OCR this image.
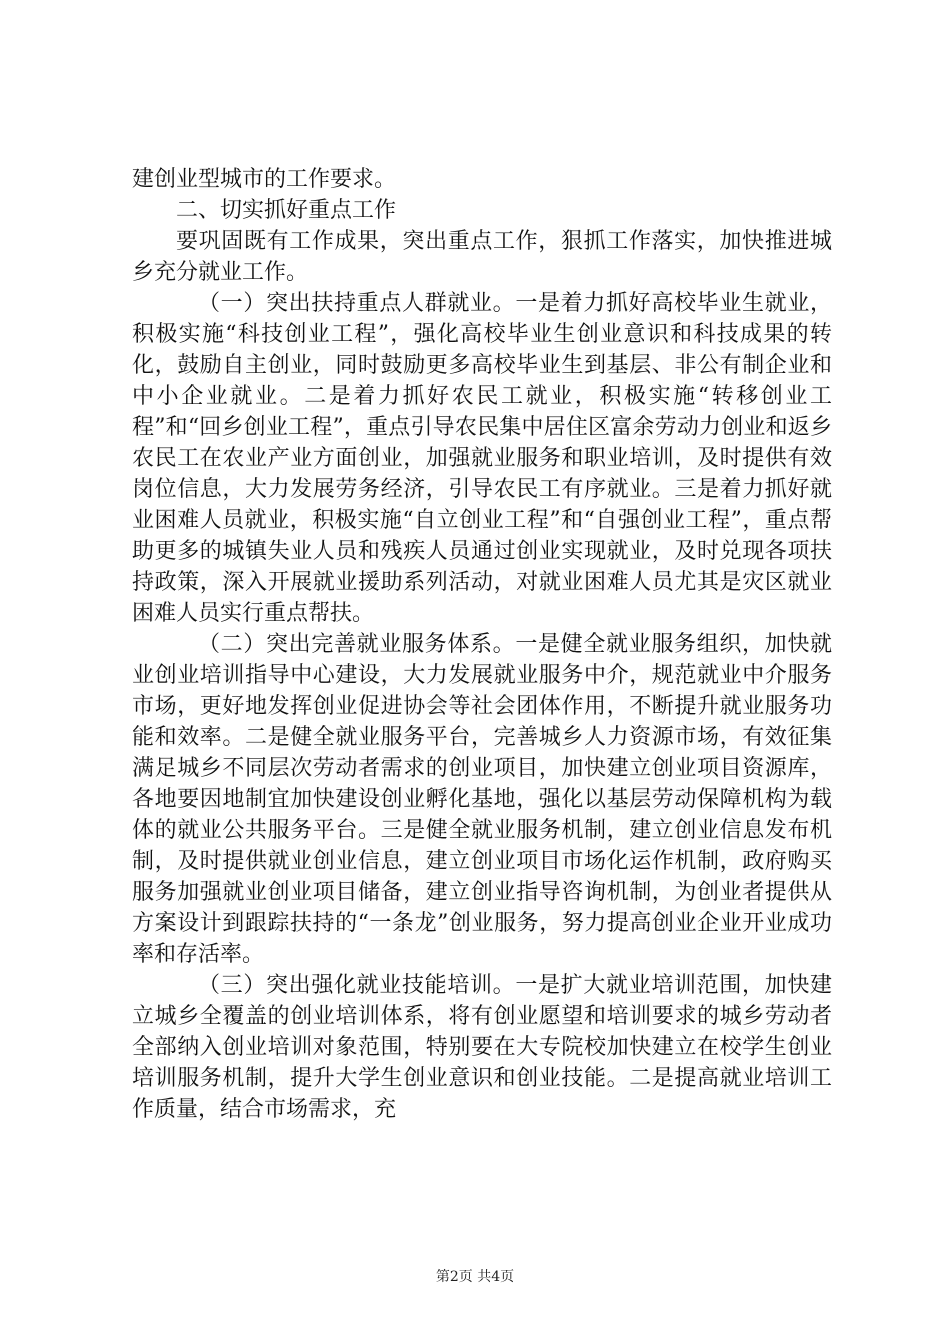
建创业型城市的工作要求。

二、切实抓好重点工作

要巩固既有工作成果，突出重点工作，狠抓工作落实，加快推进城乡充分就业工作。

（一）突出扶持重点人群就业。一是着力抓好高校毕业生就业，积极实施“科技创业工程”，强化高校毕业生创业意识和科技成果的转化，鼓励自主创业，同时鼓励更多高校毕业生到基层、非公有制企业和中小企业就业。二是着力抓好农民工就业，积极实施“转移创业工程”和“回乡创业工程”，重点引导农民集中居住区富余劳动力创业和返乡农民工在农业产业方面创业，加强就业服务和职业培训，及时提供有效岗位信息，大力发展劳务经济，引导农民工有序就业。三是着力抓好就业困难人员就业，积极实施“自立创业工程”和“自强创业工程”，重点帮助更多的城镇失业人员和残疾人员通过创业实现就业，及时兑现各项扶持政策，深入开展就业援助系列活动，对就业困难人员尤其是灾区就业困难人员实行重点帮扶。

（二）突出完善就业服务体系。一是健全就业服务组织，加快就业创业培训指导中心建设，大力发展就业服务中介，规范就业中介服务市场，更好地发挥创业促进协会等社会团体作用，不断提升就业服务功能和效率。二是健全就业服务平台，完善城乡人力资源市场，有效征集满足城乡不同层次劳动者需求的创业项目，加快建立创业项目资源库，各地要因地制宜加快建设创业孵化基地，强化以基层劳动保障机构为载体的就业公共服务平台。三是健全就业服务机制，建立创业信息发布机制，及时提供就业创业信息，建立创业项目市场化运作机制，政府购买服务加强就业创业项目储备，建立创业指导咨询机制，为创业者提供从方案设计到跟踪扶持的“一条龙”创业服务，努力提高创业企业开业成功率和存活率。

（三）突出强化就业技能培训。一是扩大就业培训范围，加快建立城乡全覆盖的创业培训体系，将有创业愿望和培训要求的城乡劳动者全部纳入创业培训对象范围，特别要在大专院校加快建立在校学生创业培训服务机制，提升大学生创业意识和创业技能。二是提高就业培训工作质量，结合市场需求，充

第2页 共4页
